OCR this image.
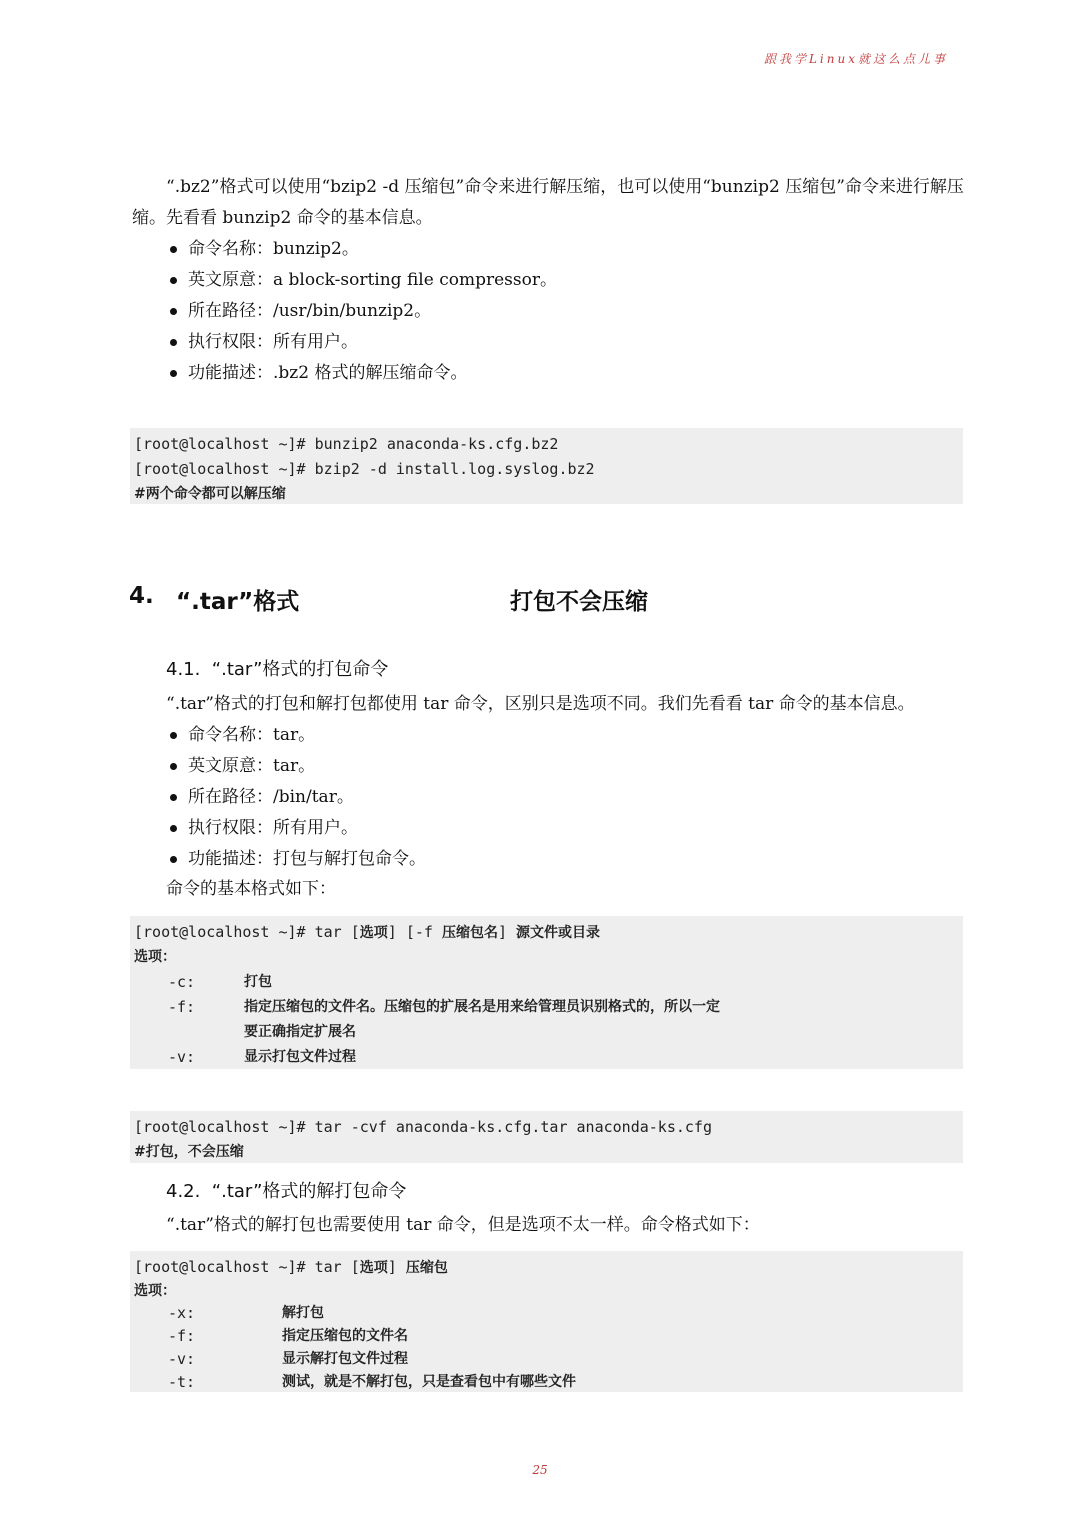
跟我学Linux就这么点儿事
“.bz2”格式可以使用“bzip2 -d 压缩包”命令来进行解压缩，也可以使用“bunzip2 压缩包”命令来进行解压缩。先看看 bunzip2 命令的基本信息。
命令名称：bunzip2。
英文原意：a block-sorting file compressor。
所在路径：/usr/bin/bunzip2。
执行权限：所有用户。
功能描述：.bz2 格式的解压缩命令。
[root@localhost ~]# bunzip2 anaconda-ks.cfg.bz2
[root@localhost ~]# bzip2 -d install.log.syslog.bz2
#两个命令都可以解压缩
4. “.tar”格式	打包不会压缩
4.1.  “.tar”格式的打包命令
“.tar”格式的打包和解打包都使用 tar 命令，区别只是选项不同。我们先看看 tar 命令的基本信息。
命令名称：tar。
英文原意：tar。
所在路径：/bin/tar。
执行权限：所有用户。
功能描述：打包与解打包命令。
命令的基本格式如下：
[root@localhost ~]# tar [选项] [-f 压缩包名] 源文件或目录
选项：
-c:	打包
-f:	指定压缩包的文件名。压缩包的扩展名是用来给管理员识别格式的，所以一定
要正确指定扩展名
-v:	显示打包文件过程
[root@localhost ~]# tar -cvf anaconda-ks.cfg.tar anaconda-ks.cfg
#打包，不会压缩
4.2.  “.tar”格式的解打包命令
“.tar”格式的解打包也需要使用 tar 命令，但是选项不太一样。命令格式如下：
[root@localhost ~]# tar [选项] 压缩包
选项：
-x:	解打包
-f:	指定压缩包的文件名
-v:	显示解打包文件过程
-t:	测试，就是不解打包，只是查看包中有哪些文件
25
